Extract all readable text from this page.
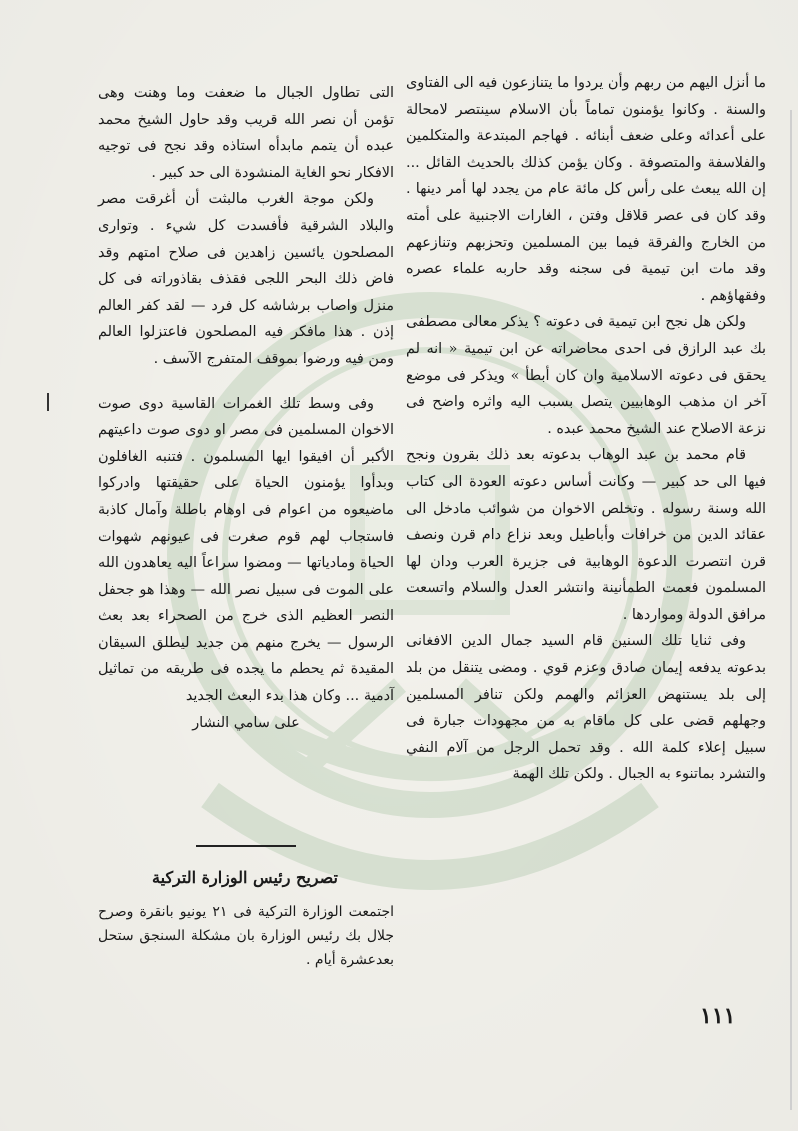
ما أنزل اليهم من ربهم وأن يردوا ما يتنازعون فيه الى الفتاوى والسنة . وكانوا يؤمنون تماماً بأن الاسلام سينتصر لامحالة على أعدائه وعلى ضعف أبنائه . فهاجم المبتدعة والمتكلمين والفلاسفة والمتصوفة . وكان يؤمن كذلك بالحديث القائل ... إن الله يبعث على رأس كل مائة عام من يجدد لها أمر دينها . وقد كان فى عصر قلاقل وفتن ، الغارات الاجنبية على أمته من الخارج والفرقة فيما بين المسلمين وتحزبهم وتنازعهم وقد مات ابن تيمية فى سجنه وقد حاربه علماء عصره وفقهاؤهم .

ولكن هل نجح ابن تيمية فى دعوته ؟ يذكر معالى مصطفى بك عبد الرازق فى احدى محاضراته عن ابن تيمية « انه لم يحقق فى دعوته الاسلامية وان كان أبطأ » ويذكر فى موضع آخر ان مذهب الوهابيين يتصل بسبب اليه واثره واضح فى نزعة الاصلاح عند الشيخ محمد عبده .

قام محمد بن عبد الوهاب بدعوته بعد ذلك بقرون ونجح فيها الى حد كبير — وكانت أساس دعوته العودة الى كتاب الله وسنة رسوله . وتخلص الاخوان من شوائب مادخل الى عقائد الدين من خرافات وأباطيل وبعد نزاع دام قرن ونصف قرن انتصرت الدعوة الوهابية فى جزيرة العرب ودان لها المسلمون فعمت الطمأنينة وانتشر العدل والسلام واتسعت مرافق الدولة ومواردها .

وفى ثنايا تلك السنين قام السيد جمال الدين الافغانى بدعوته يدفعه إيمان صادق وعزم قوي . ومضى يتنقل من بلد إلى بلد يستنهض العزائم والهمم ولكن تنافر المسلمين وجهلهم قضى على كل ماقام به من مجهودات جبارة فى سبيل إعلاء كلمة الله . وقد تحمل الرجل من آلام النفي والتشرد بماتنوء به الجبال . ولكن تلك الهمة

التى تطاول الجبال ما ضعفت وما وهنت وهى تؤمن أن نصر الله قريب وقد حاول الشيخ محمد عبده أن يتمم مابدأه استاذه وقد نجح فى توجيه الافكار نحو الغاية المنشودة الى حد كبير .

ولكن موجة الغرب مالبثت أن أغرقت مصر والبلاد الشرقية فأفسدت كل شيء . وتوارى المصلحون يائسين زاهدين فى صلاح امتهم وقد فاض ذلك البحر اللجى فقذف بقاذوراته فى كل منزل واصاب برشاشه كل فرد — لقد كفر العالم إذن . هذا مافكر فيه المصلحون فاعتزلوا العالم ومن فيه ورضوا بموقف المتفرج الآسف .

وفى وسط تلك الغمرات القاسية دوى صوت الاخوان المسلمين فى مصر او دوى صوت داعيتهم الأكبر أن افيقوا ايها المسلمون . فتنبه الغافلون وبدأوا يؤمنون الحياة على حقيقتها وادركوا ماضيعوه من اعوام فى اوهام باطلة وآمال كاذبة فاستجاب لهم قوم صغرت فى عيونهم شهوات الحياة ومادياتها — ومضوا سراعاً اليه يعاهدون الله على الموت فى سبيل نصر الله — وهذا هو جحفل النصر العظيم الذى خرج من الصحراء بعد بعث الرسول — يخرج منهم من جديد ليطلق السيقان المقيدة ثم يحطم ما يجده فى طريقه من تماثيل آدمية ... وكان هذا بدء البعث الجديد

على سامي النشار

تصريح رئيس الوزارة التركية
اجتمعت الوزارة التركية فى ٢١ يونيو بانقرة وصرح جلال بك رئيس الوزارة بان مشكلة السنجق ستحل بعدعشرة أيام .
١١١
